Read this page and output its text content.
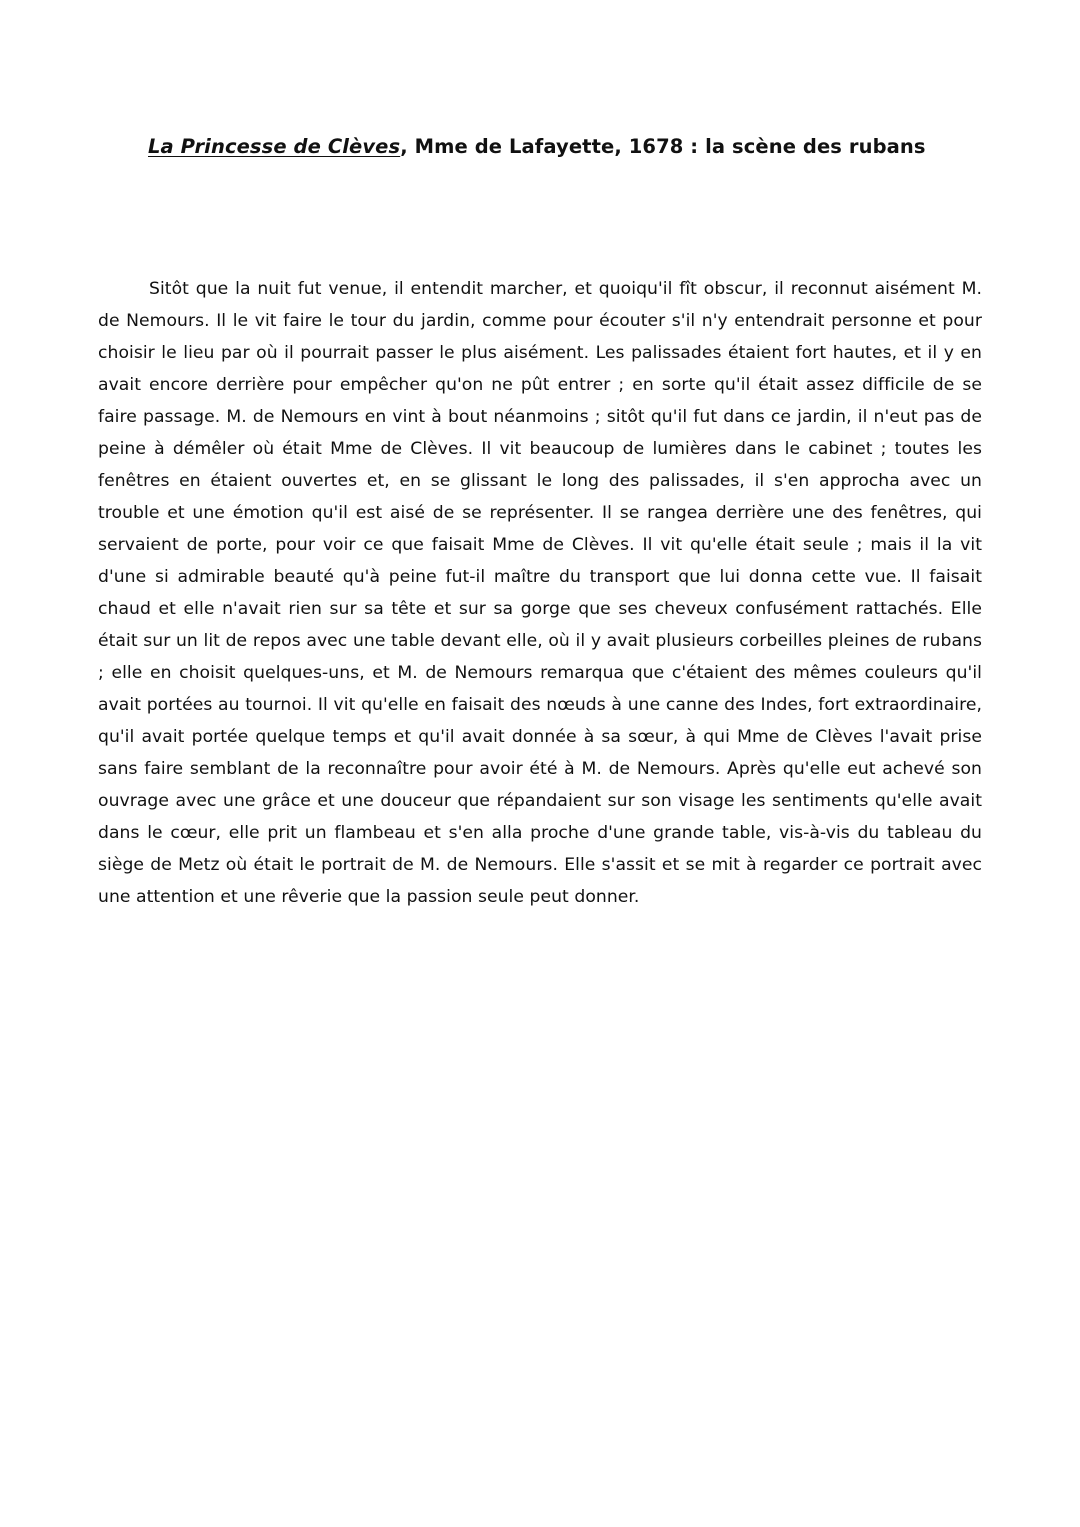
La Princesse de Clèves, Mme de Lafayette, 1678 : la scène des rubans

Sitôt que la nuit fut venue, il entendit marcher, et quoiqu'il fît obscur, il reconnut aisément M. de Nemours. Il le vit faire le tour du jardin, comme pour écouter s'il n'y entendrait personne et pour choisir le lieu par où il pourrait passer le plus aisément. Les palissades étaient fort hautes, et il y en avait encore derrière pour empêcher qu'on ne pût entrer ; en sorte qu'il était assez difficile de se faire passage. M. de Nemours en vint à bout néanmoins ; sitôt qu'il fut dans ce jardin, il n'eut pas de peine à démêler où était Mme de Clèves. Il vit beaucoup de lumières dans le cabinet ; toutes les fenêtres en étaient ouvertes et, en se glissant le long des palissades, il s'en approcha avec un trouble et une émotion qu'il est aisé de se représenter. Il se rangea derrière une des fenêtres, qui servaient de porte, pour voir ce que faisait Mme de Clèves. Il vit qu'elle était seule ; mais il la vit d'une si admirable beauté qu'à peine fut-il maître du transport que lui donna cette vue. Il faisait chaud et elle n'avait rien sur sa tête et sur sa gorge que ses cheveux confusément rattachés. Elle était sur un lit de repos avec une table devant elle, où il y avait plusieurs corbeilles pleines de rubans ; elle en choisit quelques-uns, et M. de Nemours remarqua que c'étaient des mêmes couleurs qu'il avait portées au tournoi. Il vit qu'elle en faisait des nœuds à une canne des Indes, fort extraordinaire, qu'il avait portée quelque temps et qu'il avait donnée à sa sœur, à qui Mme de Clèves l'avait prise sans faire semblant de la reconnaître pour avoir été à M. de Nemours. Après qu'elle eut achevé son ouvrage avec une grâce et une douceur que répandaient sur son visage les sentiments qu'elle avait dans le cœur, elle prit un flambeau et s'en alla proche d'une grande table, vis-à-vis du tableau du siège de Metz où était le portrait de M. de Nemours. Elle s'assit et se mit à regarder ce portrait avec une attention et une rêverie que la passion seule peut donner.
